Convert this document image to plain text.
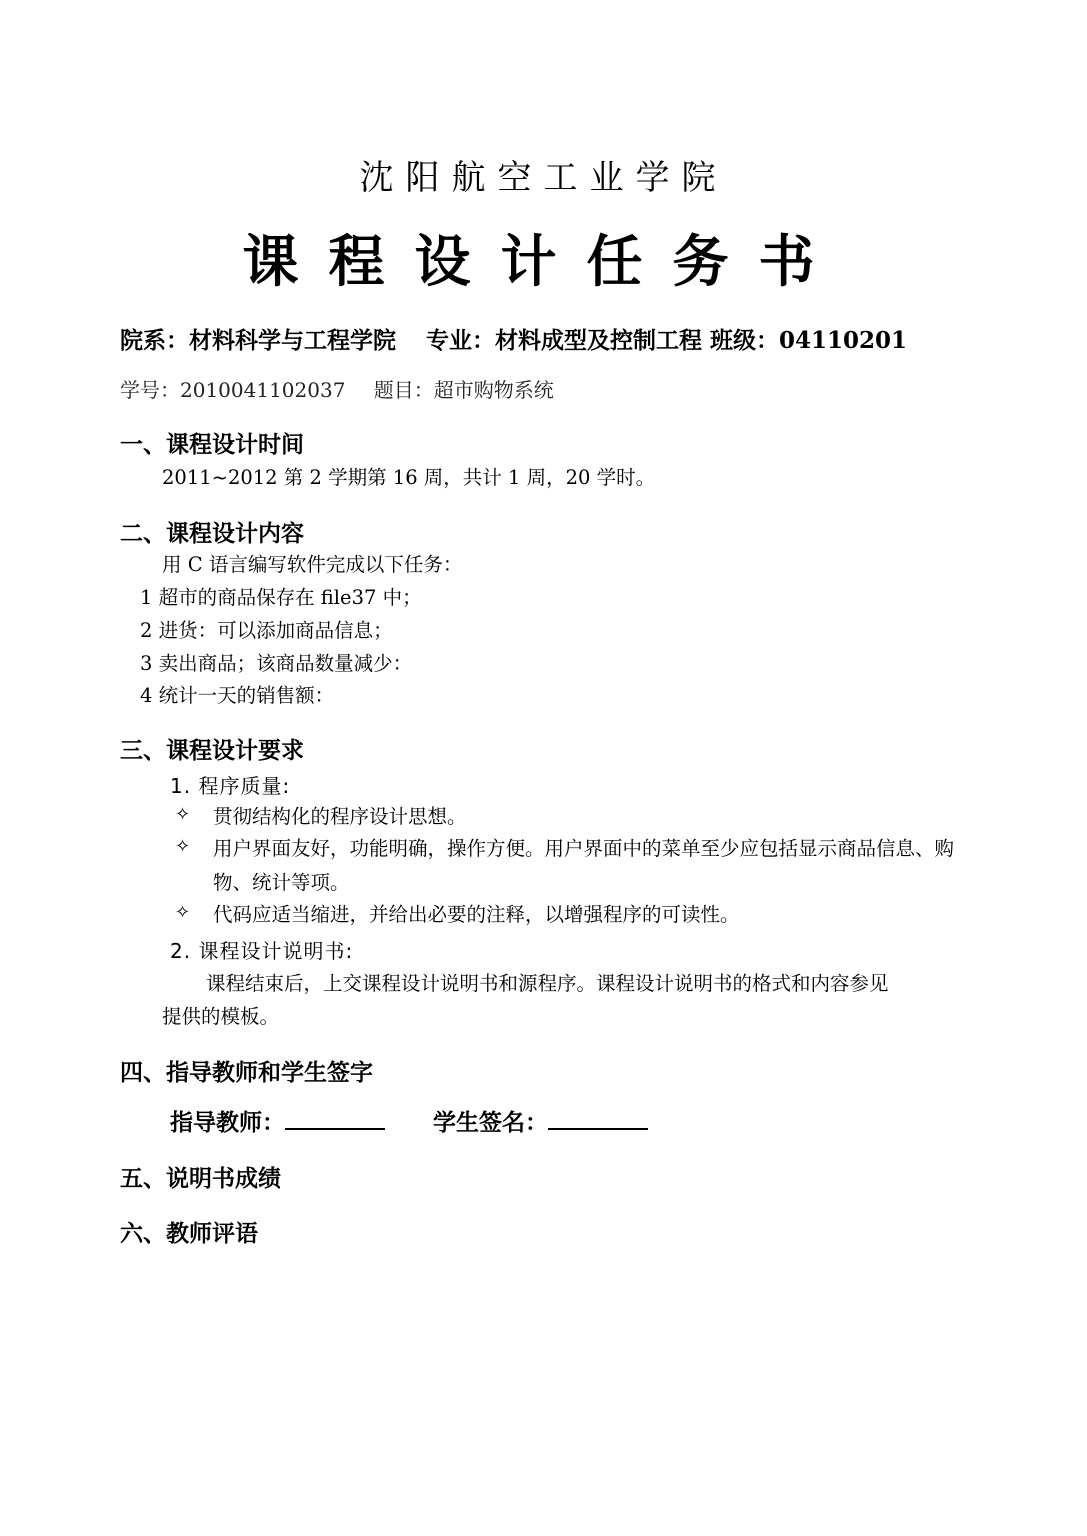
沈阳航空工业学院
课程设计任务书
院系：材料科学与工程学院 专业：材料成型及控制工程 班级：04110201
学号：2010041102037 题目：超市购物系统
一、课程设计时间
2011~2012 第 2 学期第 16 周，共计 1 周，20 学时。
二、课程设计内容
用 C 语言编写软件完成以下任务：
1 超市的商品保存在 file37 中；
2 进货：可以添加商品信息；
3 卖出商品；该商品数量减少：
4 统计一天的销售额：
三、课程设计要求
1. 程序质量:
✧ 贯彻结构化的程序设计思想。
✧ 用户界面友好，功能明确，操作方便。用户界面中的菜单至少应包括显示商品信息、购物、统计等项。
✧ 代码应适当缩进，并给出必要的注释，以增强程序的可读性。
2. 课程设计说明书:
课程结束后，上交课程设计说明书和源程序。课程设计说明书的格式和内容参见
提供的模板。
四、指导教师和学生签字
指导教师：	学生签名：
五、说明书成绩
六、教师评语
